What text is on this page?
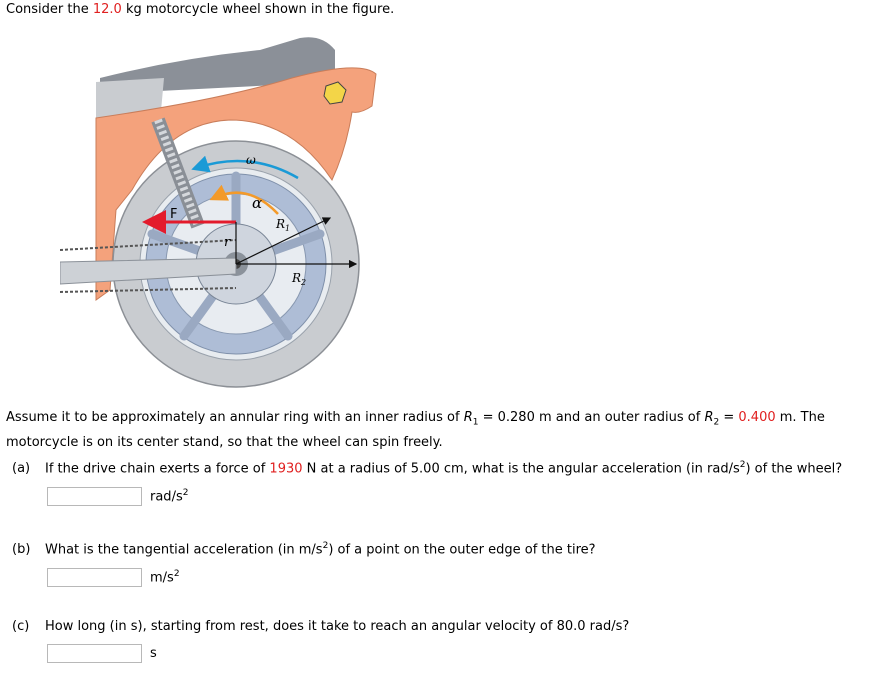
Consider the 12.0 kg motorcycle wheel shown in the figure.
ω
α
F
r
$R_1$
$R_2$
Assume it to be approximately an annular ring with an inner radius of $R_1 = 0.280$ m and an outer radius of $R_2 = 0.400$ m. The motorcycle is on its center stand, so that the wheel can spin freely.
(a) If the drive chain exerts a force of 1930 N at a radius of 5.00 cm, what is the angular acceleration (in rad/$s^2$) of the wheel?
rad/$s^2$
(b) What is the tangential acceleration (in $m/s^2$) of a point on the outer edge of the tire?
$m/s^2$
(c) How long (in s), starting from rest, does it take to reach an angular velocity of 80.0 rad/s?
s
